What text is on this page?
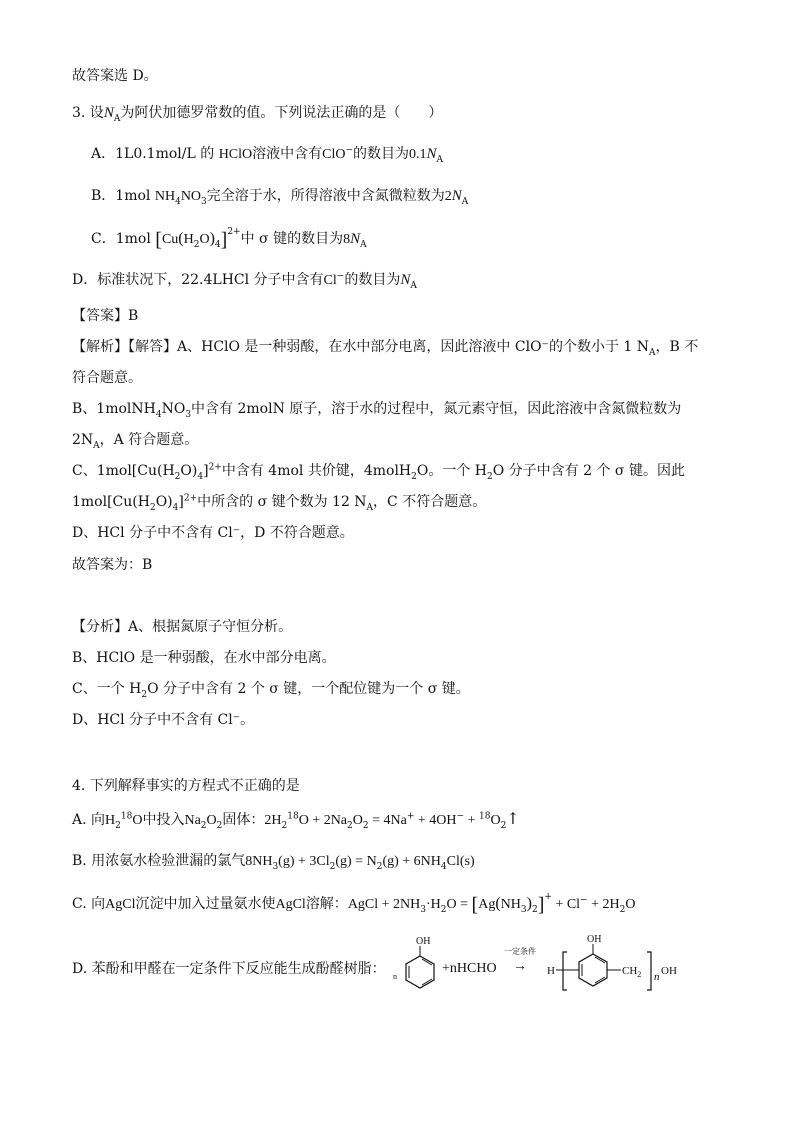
故答案选 D。
3. 设$N_A$为阿伏加德罗常数的值。下列说法正确的是（　　）
A．1L0.1mol/L 的 HClO溶液中含有ClO−的数目为$0.1N_A$
B．1mol $NH_4NO_3$完全溶于水，所得溶液中含氮微粒数为$2N_A$
C．1mol $[Cu(H_2O)_4]^{2+}$中 σ 键的数目为$8N_A$
D．标准状况下，22.4LHCl 分子中含有Cl−的数目为$N_A$
【答案】B
【解析】【解答】A、HClO 是一种弱酸，在水中部分电离，因此溶液中 ClO⁻的个数小于 1 $N_A$，B 不
符合题意。
B、$1molNH_4NO_3$中含有 2molN 原子，溶于水的过程中，氮元素守恒，因此溶液中含氮微粒数为
$2N_A$，A 符合题意。
C、$1mol[Cu(H_2O)_4]^{2+}$中含有 4mol 共价键，4molH$_2$O。一个 $H_2O$ 分子中含有 2 个 σ 键。因此
$1mol[Cu(H_2O)_4]^{2+}$中所含的 σ 键个数为 12 $N_A$，C 不符合题意。
D、HCl 分子中不含有 Cl⁻，D 不符合题意。
故答案为：B
【分析】A、根据氮原子守恒分析。
B、HClO 是一种弱酸，在水中部分电离。
C、一个 $H_2O$ 分子中含有 2 个 σ 键，一个配位键为一个 σ 键。
D、HCl 分子中不含有 Cl⁻。
4. 下列解释事实的方程式不正确的是
A. 向$H_2^{18}O$中投入$Na_2O_2$固体：$2H_2^{18}O + 2Na_2O_2 = 4Na^+ + 4OH^-$ + $^{18}O_2↑$
B. 用浓氨水检验泄漏的氯气$8NH_3(g) + 3Cl_2(g) = N_2(g) + 6NH_4Cl(s)$
C. 向AgCl沉淀中加入过量氨水使AgCl溶解：AgCl + $2NH_3\cdot H_2O = [Ag(NH_3)_2]^+ + Cl^- + 2H_2O$
D. 苯酚和甲醛在一定条件下反应能生成酚醛树脂：
OH
n
+nHCHO
一定条件
→	H
OH
$CH_2$ n OH
